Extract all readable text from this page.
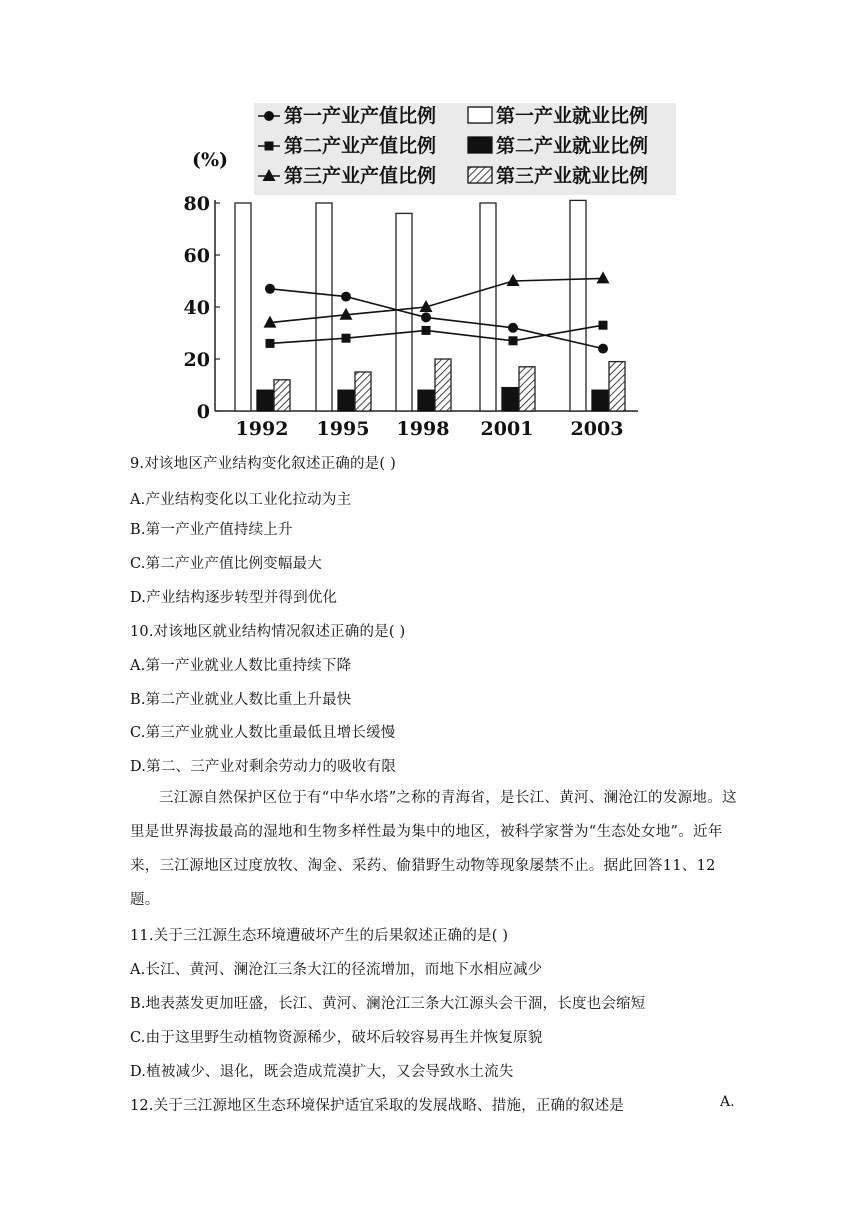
第一产业产值比例	第一产业就业比例
第二产业产值比例	第二产业就业比例
第三产业产值比例	第三产业就业比例
(%)
80
60
40
20
0
1992 1995 1998 2001 2003
9.对该地区产业结构变化叙述正确的是( )
A.产业结构变化以工业化拉动为主
B.第一产业产值持续上升
C.第二产业产值比例变幅最大
D.产业结构逐步转型并得到优化
10.对该地区就业结构情况叙述正确的是( )
A.第一产业就业人数比重持续下降
B.第二产业就业人数比重上升最快
C.第三产业就业人数比重最低且增长缓慢
D.第二、三产业对剩余劳动力的吸收有限

三江源自然保护区位于有“中华水塔”之称的青海省，是长江、黄河、澜沧江的发源地。这里是世界海拔最高的湿地和生物多样性最为集中的地区，被科学家誉为“生态处女地”。近年来，三江源地区过度放牧、淘金、采药、偷猎野生动物等现象屡禁不止。据此回答11、12题。

11.关于三江源生态环境遭破坏产生的后果叙述正确的是( )
A.长江、黄河、澜沧江三条大江的径流增加，而地下水相应减少
B.地表蒸发更加旺盛，长江、黄河、澜沧江三条大江源头会干涸，长度也会缩短
C.由于这里野生动植物资源稀少，破坏后较容易再生并恢复原貌
D.植被减少、退化，既会造成荒漠扩大，又会导致水土流失
12.关于三江源地区生态环境保护适宜采取的发展战略、措施，正确的叙述是	A.
